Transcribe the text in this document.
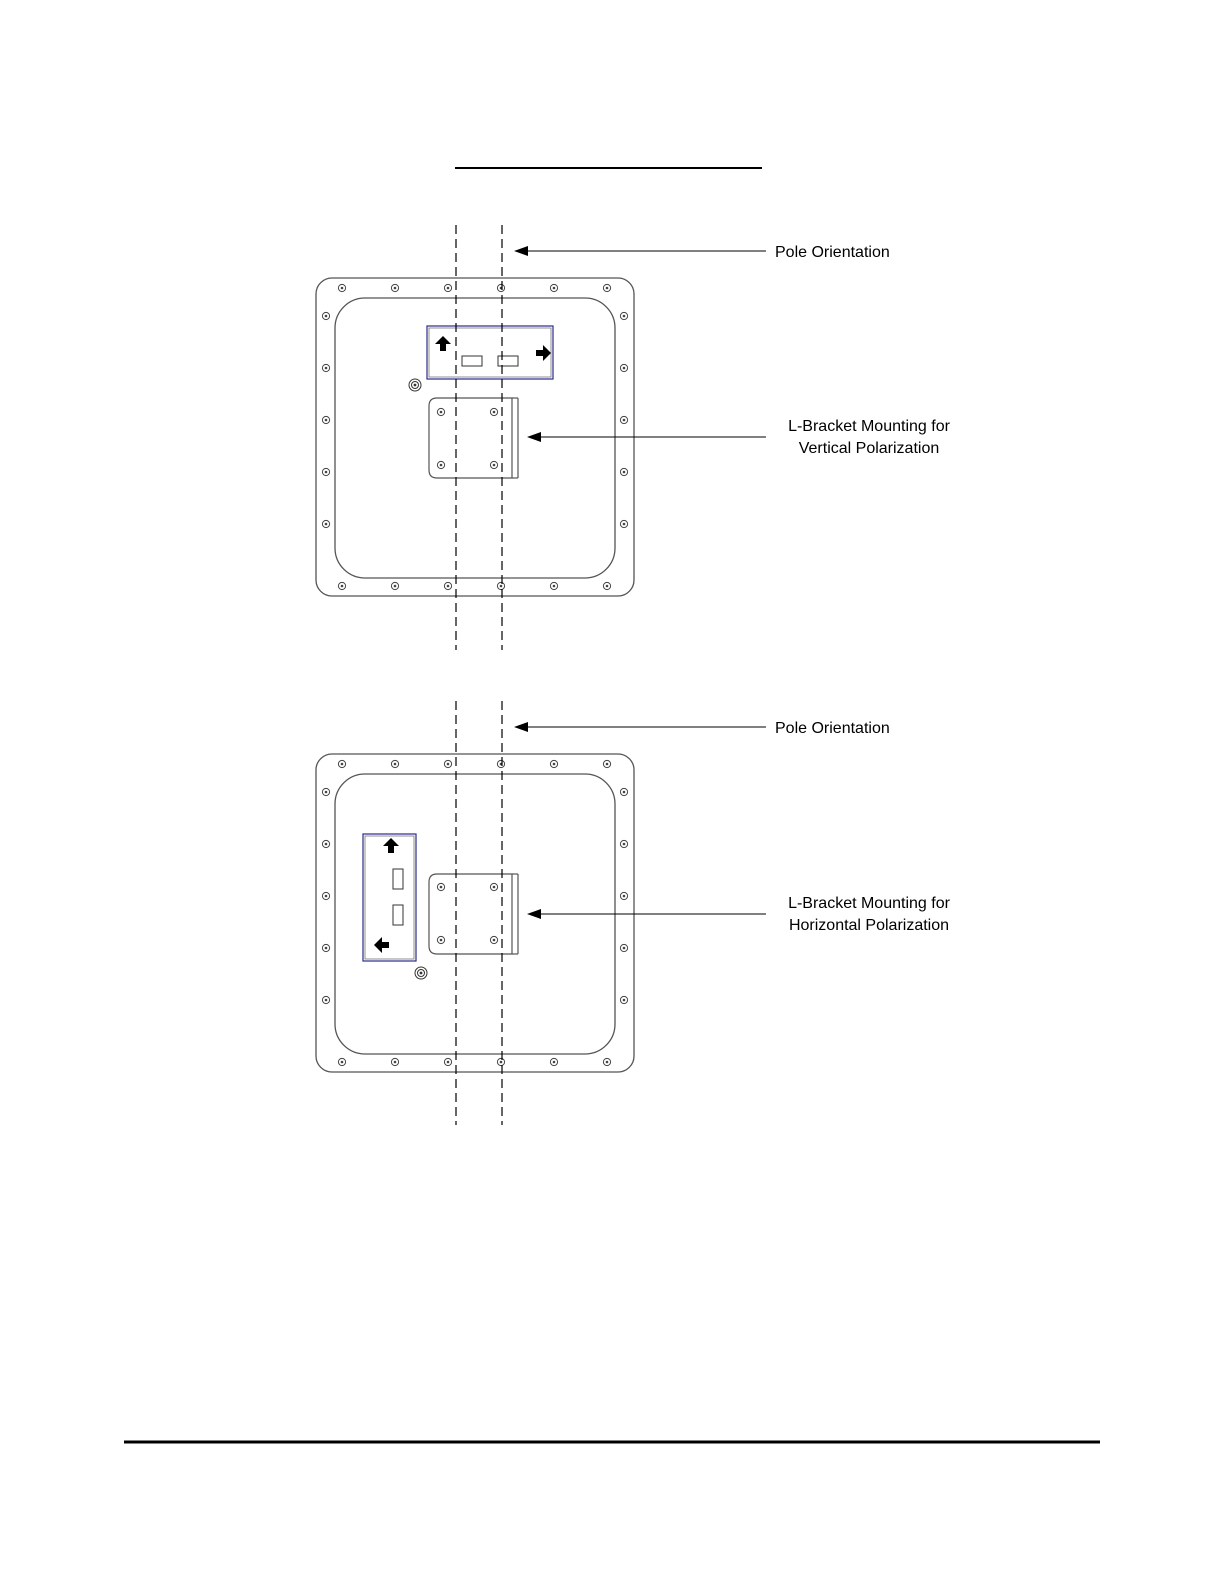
Pole Orientation
L-Bracket Mounting for
Vertical Polarization
Pole Orientation
L-Bracket Mounting for
Horizontal Polarization
